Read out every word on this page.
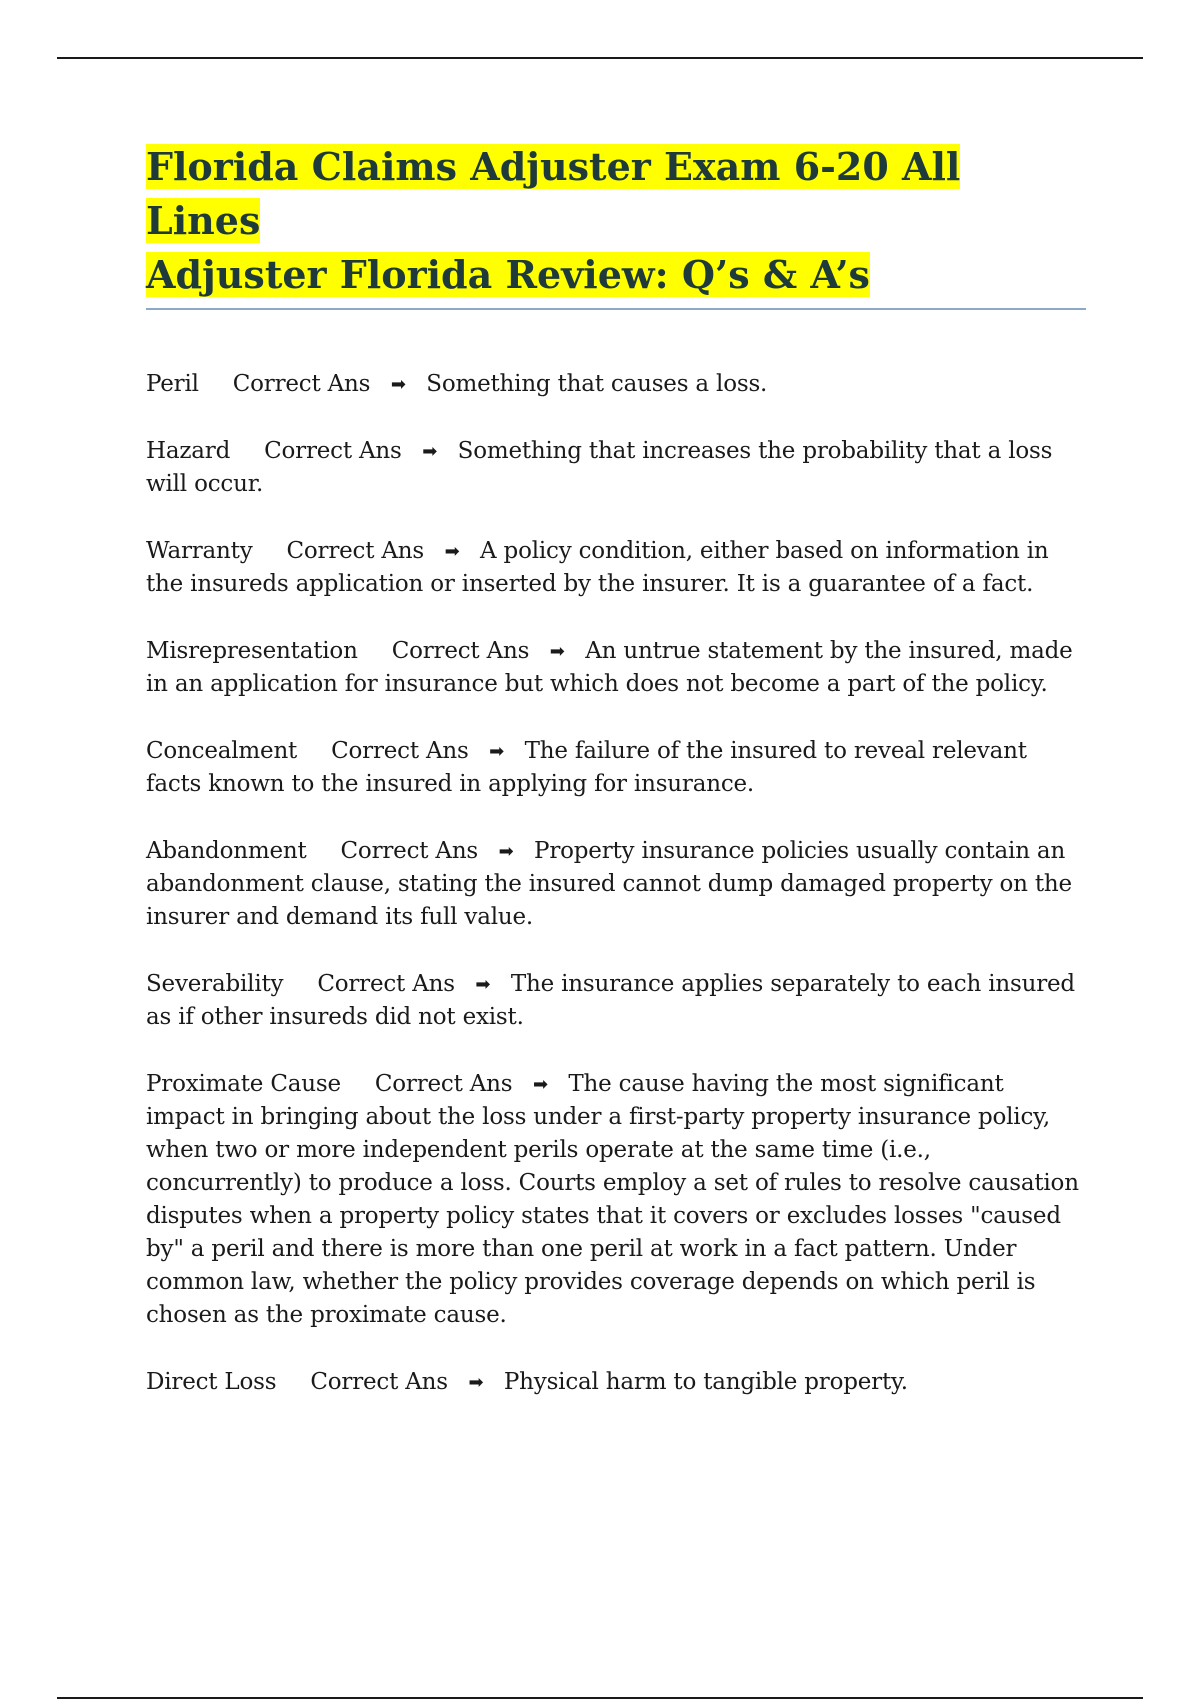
Florida Claims Adjuster Exam 6-20 All Lines
Adjuster Florida Review: Q’s & A’s

Peril Correct Ans ➡ Something that causes a loss.

Hazard Correct Ans ➡ Something that increases the probability that a loss will occur.

Warranty Correct Ans ➡ A policy condition, either based on information in the insureds application or inserted by the insurer. It is a guarantee of a fact.

Misrepresentation Correct Ans ➡ An untrue statement by the insured, made in an application for insurance but which does not become a part of the policy.

Concealment Correct Ans ➡ The failure of the insured to reveal relevant facts known to the insured in applying for insurance.

Abandonment Correct Ans ➡ Property insurance policies usually contain an abandonment clause, stating the insured cannot dump damaged property on the insurer and demand its full value.

Severability Correct Ans ➡ The insurance applies separately to each insured as if other insureds did not exist.

Proximate Cause Correct Ans ➡ The cause having the most significant impact in bringing about the loss under a first-party property insurance policy, when two or more independent perils operate at the same time (i.e., concurrently) to produce a loss. Courts employ a set of rules to resolve causation disputes when a property policy states that it covers or excludes losses "caused by" a peril and there is more than one peril at work in a fact pattern. Under common law, whether the policy provides coverage depends on which peril is chosen as the proximate cause.

Direct Loss Correct Ans ➡ Physical harm to tangible property.
